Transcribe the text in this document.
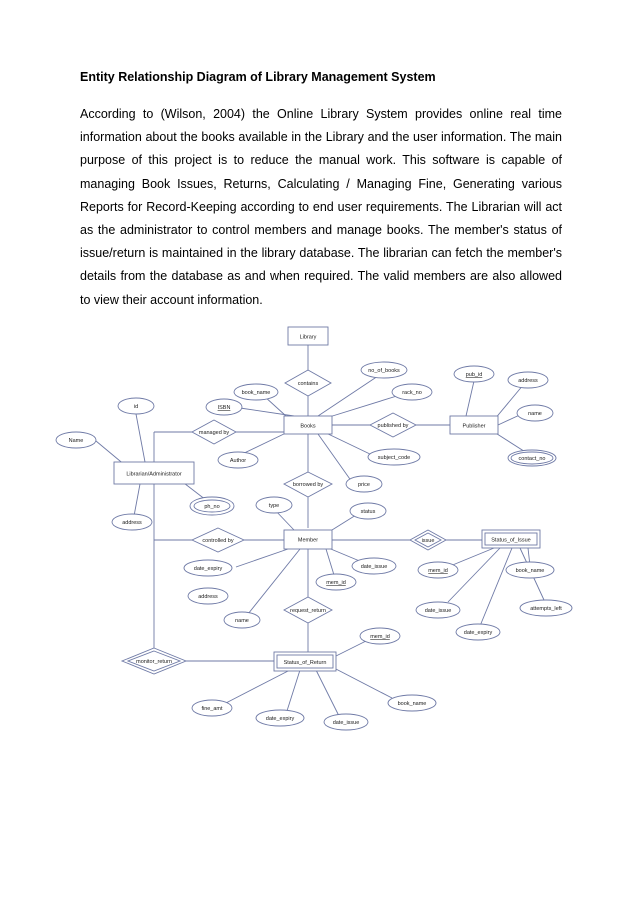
Entity Relationship Diagram of Library Management System
According to (Wilson, 2004) the Online Library System provides online real time information about the books available in the Library and the user information. The main purpose of this project is to reduce the manual work. This software is capable of managing Book Issues, Returns, Calculating / Managing Fine, Generating various Reports for Record-Keeping according to end user requirements. The Librarian will act as the administrator to control members and manage books. The member's status of issue/return is maintained in the library database. The librarian can fetch the member's details from the database as and when required. The valid members are also allowed to view their account information.
Library
Books	Publisher
Librarian/Administrator
Member	Status_of_Issue
Status_of_Return
contains
managed by
published by
borrowed by
controlled by	issue
request_return
monitor_return
no_of_books
rack_no
book_name
ISBN
Author	subject_code
price
pub_id
address
name
contact_no
id
Name
ph_no
address
type
status
date_expiry
address
name
mem_id
date_issue
mem_id	book_name
date_issue	attempts_left
date_expiry
mem_id
fine_amt
date_expiry
date_issue
book_name
